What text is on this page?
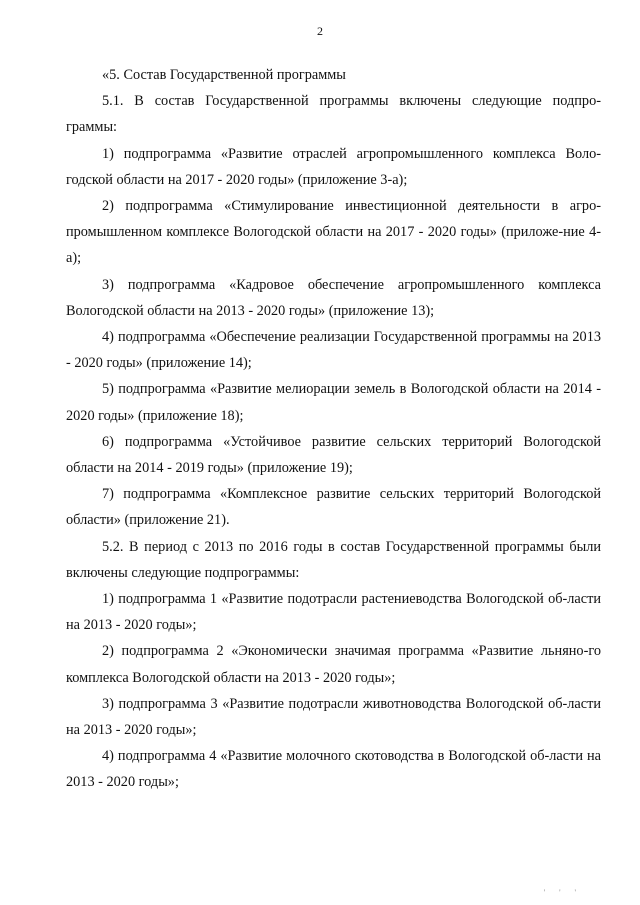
2

«5. Состав Государственной программы

5.1. В состав Государственной программы включены следующие подпро-граммы:

1) подпрограмма «Развитие отраслей агропромышленного комплекса Воло-годской области на 2017 - 2020 годы» (приложение 3-а);

2) подпрограмма «Стимулирование инвестиционной деятельности в агро-промышленном комплексе Вологодской области на 2017 - 2020 годы» (приложе-ние 4-а);

3) подпрограмма «Кадровое обеспечение агропромышленного комплекса Вологодской области на 2013 - 2020 годы» (приложение 13);

4) подпрограмма «Обеспечение реализации Государственной программы на 2013 - 2020 годы» (приложение 14);

5) подпрограмма «Развитие мелиорации земель в Вологодской области на 2014 - 2020 годы» (приложение 18);

6) подпрограмма «Устойчивое развитие сельских территорий Вологодской области на 2014 - 2019 годы» (приложение 19);

7) подпрограмма «Комплексное развитие сельских территорий Вологодской области» (приложение 21).

5.2. В период с 2013 по 2016 годы в состав Государственной программы были включены следующие подпрограммы:

1) подпрограмма 1 «Развитие подотрасли растениеводства Вологодской об-ласти на 2013 - 2020 годы»;

2) подпрограмма 2 «Экономически значимая программа «Развитие льняно-го комплекса Вологодской области на 2013 - 2020 годы»;

3) подпрограмма 3 «Развитие подотрасли животноводства Вологодской об-ласти на 2013 - 2020 годы»;

4) подпрограмма 4 «Развитие молочного скотоводства в Вологодской об-ласти на 2013 - 2020 годы»;

' ' '
